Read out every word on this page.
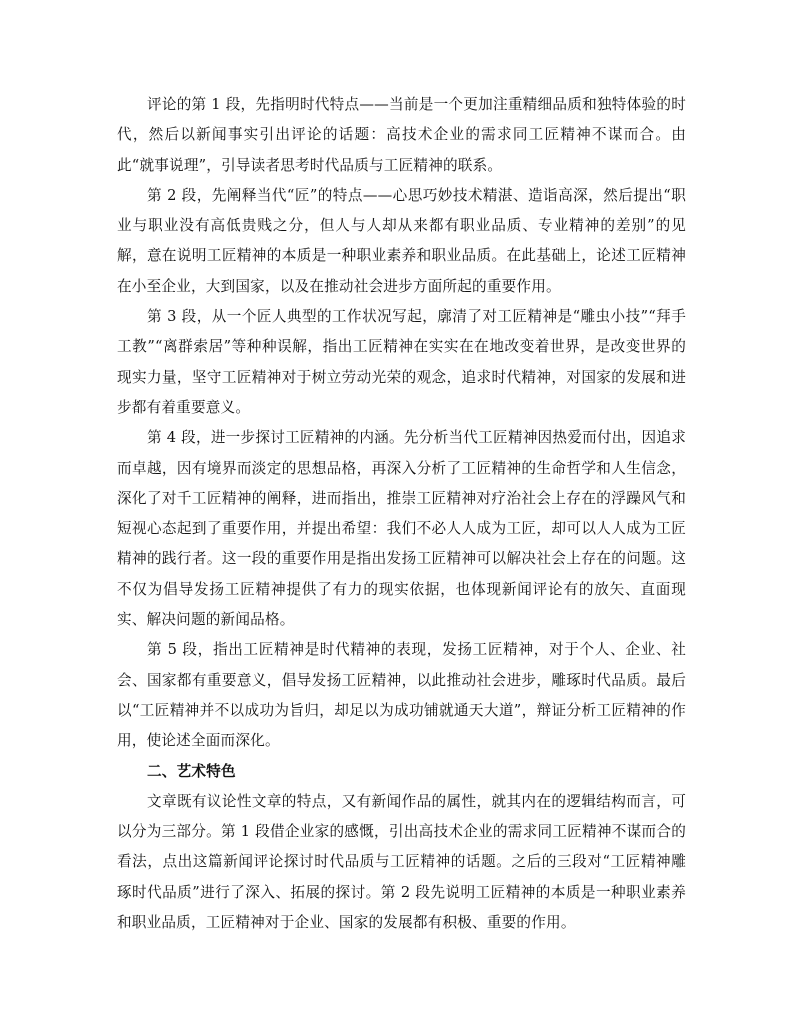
评论的第 1 段，先指明时代特点——当前是一个更加注重精细品质和独特体验的时代，然后以新闻事实引出评论的话题：高技术企业的需求同工匠精神不谋而合。由此“就事说理”，引导读者思考时代品质与工匠精神的联系。

第 2 段，先阐释当代“匠”的特点——心思巧妙技术精湛、造诣高深，然后提出“职业与职业没有高低贵贱之分，但人与人却从来都有职业品质、专业精神的差别”的见解，意在说明工匠精神的本质是一种职业素养和职业品质。在此基础上，论述工匠精神在小至企业，大到国家，以及在推动社会进步方面所起的重要作用。

第 3 段，从一个匠人典型的工作状况写起，廓清了对工匠精神是“雕虫小技”“拜手工教”“离群索居”等种种误解，指出工匠精神在实实在在地改变着世界，是改变世界的现实力量，坚守工匠精神对于树立劳动光荣的观念，追求时代精神，对国家的发展和进步都有着重要意义。

第 4 段，进一步探讨工匠精神的内涵。先分析当代工匠精神因热爱而付出，因追求而卓越，因有境界而淡定的思想品格，再深入分析了工匠精神的生命哲学和人生信念，深化了对千工匠精神的阐释，进而指出，推崇工匠精神对疗治社会上存在的浮躁风气和短视心态起到了重要作用，并提出希望：我们不必人人成为工匠，却可以人人成为工匠精神的践行者。这一段的重要作用是指出发扬工匠精神可以解决社会上存在的问题。这不仅为倡导发扬工匠精神提供了有力的现实依据，也体现新闻评论有的放矢、直面现实、解决问题的新闻品格。

第 5 段，指出工匠精神是时代精神的表现，发扬工匠精神，对于个人、企业、社会、国家都有重要意义，倡导发扬工匠精神，以此推动社会进步，雕琢时代品质。最后以“工匠精神并不以成功为旨归，却足以为成功铺就通天大道”，辩证分析工匠精神的作用，使论述全面而深化。

二、艺术特色

文章既有议论性文章的特点，又有新闻作品的属性，就其内在的逻辑结构而言，可以分为三部分。第 1 段借企业家的感慨，引出高技术企业的需求同工匠精神不谋而合的看法，点出这篇新闻评论探讨时代品质与工匠精神的话题。之后的三段对“工匠精神雕琢时代品质”进行了深入、拓展的探讨。第 2 段先说明工匠精神的本质是一种职业素养和职业品质，工匠精神对于企业、国家的发展都有积极、重要的作用。
